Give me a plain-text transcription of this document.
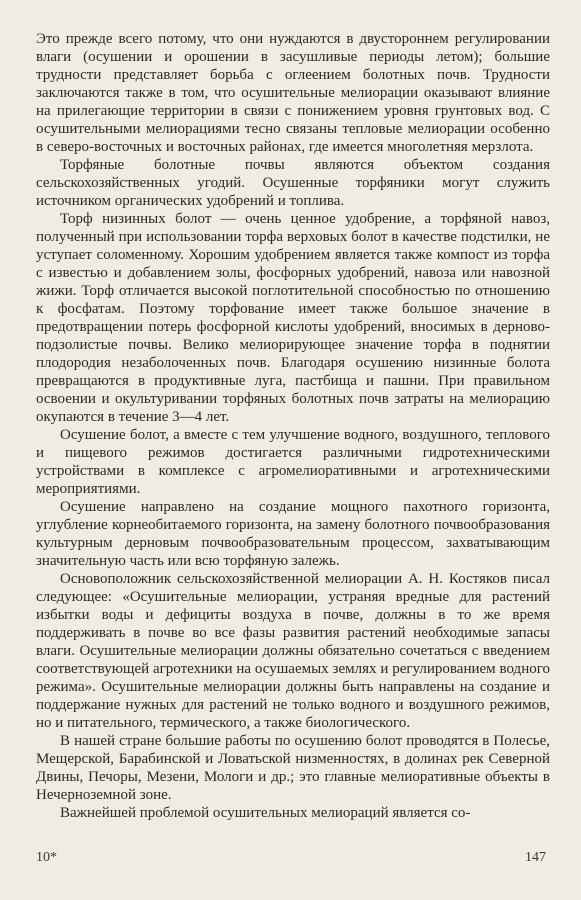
Это прежде всего потому, что они нуждаются в двустороннем регулировании влаги (осушении и орошении в засушливые периоды летом); большие трудности представляет борьба с оглеением болотных почв. Трудности заключаются также в том, что осушительные мелиорации оказывают влияние на прилегающие территории в связи с понижением уровня грунтовых вод. С осушительными мелиорациями тесно связаны тепловые мелиорации особенно в северо-восточных и восточных районах, где имеется многолетняя мерзлота.

Торфяные болотные почвы являются объектом создания сельскохозяйственных угодий. Осушенные торфяники могут служить источником органических удобрений и топлива.

Торф низинных болот — очень ценное удобрение, а торфяной навоз, полученный при использовании торфа верховых болот в качестве подстилки, не уступает соломенному. Хорошим удобрением является также компост из торфа с известью и добавлением золы, фосфорных удобрений, навоза или навозной жижи. Торф отличается высокой поглотительной способностью по отношению к фосфатам. Поэтому торфование имеет также большое значение в предотвращении потерь фосфорной кислоты удобрений, вносимых в дерново-подзолистые почвы. Велико мелиорирующее значение торфа в поднятии плодородия незаболоченных почв. Благодаря осушению низинные болота превращаются в продуктивные луга, пастбища и пашни. При правильном освоении и окультуривании торфяных болотных почв затраты на мелиорацию окупаются в течение 3—4 лет.

Осушение болот, а вместе с тем улучшение водного, воздушного, теплового и пищевого режимов достигается различными гидротехническими устройствами в комплексе с агромелиоративными и агротехническими мероприятиями.

Осушение направлено на создание мощного пахотного горизонта, углубление корнеобитаемого горизонта, на замену болотного почвообразования культурным дерновым почвообразовательным процессом, захватывающим значительную часть или всю торфяную залежь.

Основоположник сельскохозяйственной мелиорации А. Н. Костяков писал следующее: «Осушительные мелиорации, устраняя вредные для растений избытки воды и дефициты воздуха в почве, должны в то же время поддерживать в почве во все фазы развития растений необходимые запасы влаги. Осушительные мелиорации должны обязательно сочетаться с введением соответствующей агротехники на осушаемых землях и регулированием водного режима». Осушительные мелиорации должны быть направлены на создание и поддержание нужных для растений не только водного и воздушного режимов, но и питательного, термического, а также биологического.

В нашей стране большие работы по осушению болот проводятся в Полесье, Мещерской, Барабинской и Ловатьской низменностях, в долинах рек Северной Двины, Печоры, Мезени, Мологи и др.; это главные мелиоративные объекты в Нечерноземной зоне.

Важнейшей проблемой осушительных мелиораций является со-

10*	147
